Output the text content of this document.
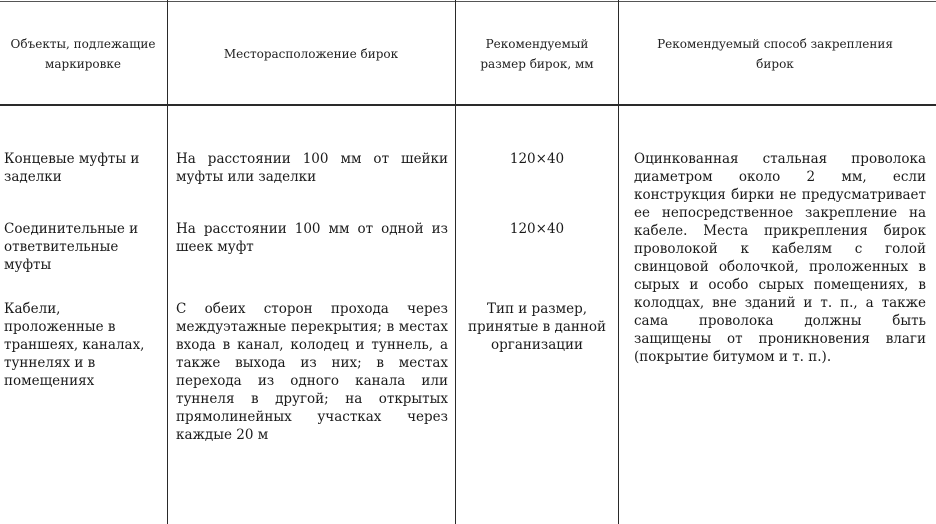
Объекты, подлежащие маркировке
Месторасположение бирок
Рекомендуемый размер бирок, мм
Рекомендуемый способ закрепления бирок
Концевые муфты и заделки
На расстоянии 100 мм от шейки муфты или заделки
120×40
Соединительные и ответвительные муфты
На расстоянии 100 мм от одной из шеек муфт
120×40
Кабели, проложенные в траншеях, каналах, туннелях и в помещениях
С обеих сторон прохода через междуэтажные перекрытия; в местах входа в канал, колодец и туннель, а также выхода из них; в местах перехода из одного канала или туннеля в другой; на открытых прямолинейных участках через каждые 20 м
Тип и размер, принятые в данной организации
Оцинкованная стальная проволока диаметром около 2 мм, если конструкция бирки не предусматривает ее непосредственное закрепление на кабеле. Места прикрепления бирок проволокой к кабелям с голой свинцовой оболочкой, проложенных в сырых и особо сырых помещениях, в колодцах, вне зданий и т. п., а также сама проволока должны быть защищены от проникновения влаги (покрытие битумом и т. п.).
